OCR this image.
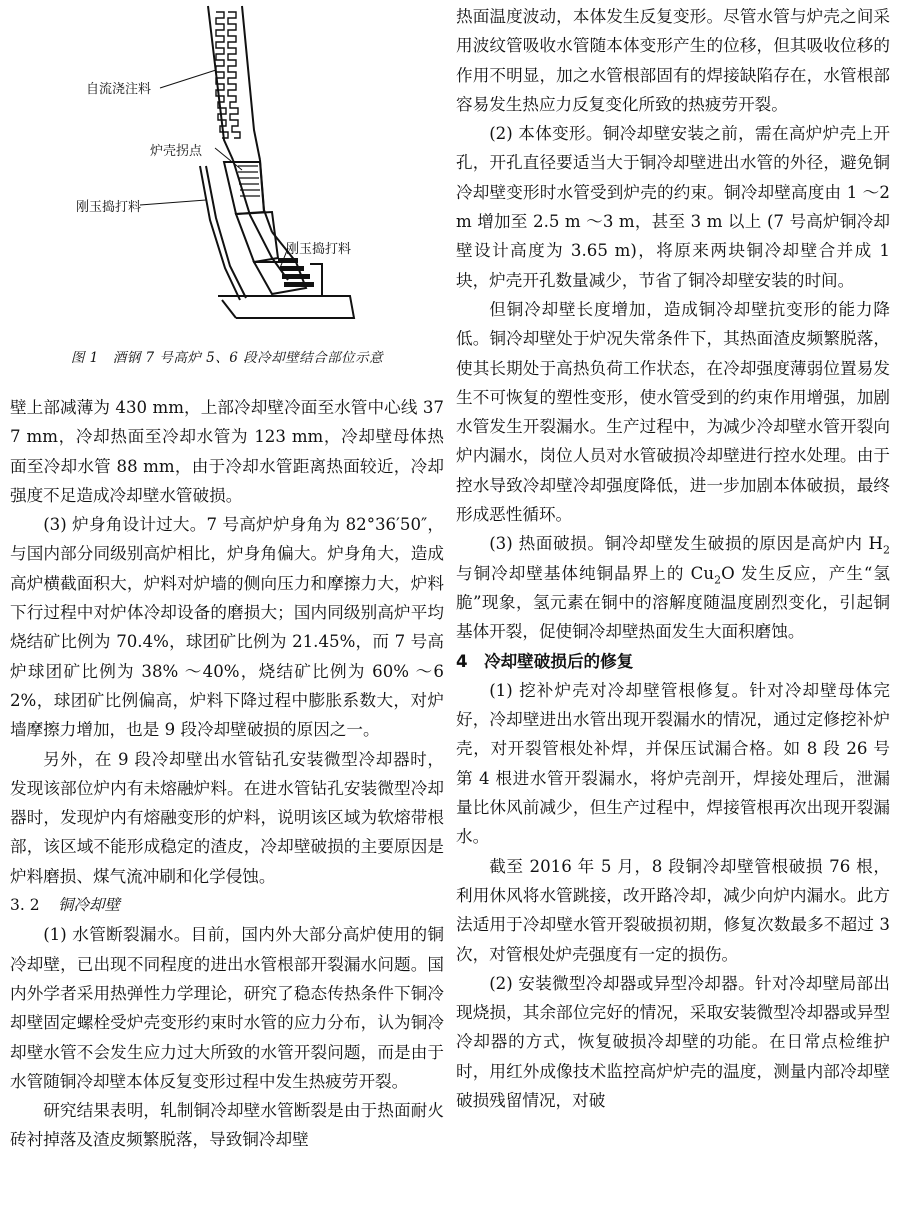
自流浇注料
炉壳拐点
刚玉捣打料
刚玉捣打料
图 1　酒钢 7 号高炉 5、6 段冷却壁结合部位示意

壁上部减薄为 430 mm，上部冷却壁冷面至水管中心线 377 mm，冷却热面至冷却水管为 123 mm，冷却壁母体热面至冷却水管 88 mm，由于冷却水管距离热面较近，冷却强度不足造成冷却壁水管破损。

(3) 炉身角设计过大。7 号高炉炉身角为 82°36′50″，与国内部分同级别高炉相比，炉身角偏大。炉身角大，造成高炉横截面积大，炉料对炉墙的侧向压力和摩擦力大，炉料下行过程中对炉体冷却设备的磨损大；国内同级别高炉平均烧结矿比例为 70.4%，球团矿比例为 21.45%，而 7 号高炉球团矿比例为 38% ～40%，烧结矿比例为 60% ～62%，球团矿比例偏高，炉料下降过程中膨胀系数大，对炉墙摩擦力增加，也是 9 段冷却壁破损的原因之一。

另外，在 9 段冷却壁出水管钻孔安装微型冷却器时，发现该部位炉内有未熔融炉料。在进水管钻孔安装微型冷却器时，发现炉内有熔融变形的炉料，说明该区域为软熔带根部，该区域不能形成稳定的渣皮，冷却壁破损的主要原因是炉料磨损、煤气流冲刷和化学侵蚀。

3. 2 铜冷却壁

(1) 水管断裂漏水。目前，国内外大部分高炉使用的铜冷却壁，已出现不同程度的进出水管根部开裂漏水问题。国内外学者采用热弹性力学理论，研究了稳态传热条件下铜冷却壁固定螺栓受炉壳变形约束时水管的应力分布，认为铜冷却壁水管不会发生应力过大所致的水管开裂问题，而是由于水管随铜冷却壁本体反复变形过程中发生热疲劳开裂。

研究结果表明，轧制铜冷却壁水管断裂是由于热面耐火砖衬掉落及渣皮频繁脱落，导致铜冷却壁

热面温度波动，本体发生反复变形。尽管水管与炉壳之间采用波纹管吸收水管随本体变形产生的位移，但其吸收位移的作用不明显，加之水管根部固有的焊接缺陷存在，水管根部容易发生热应力反复变化所致的热疲劳开裂。

(2) 本体变形。铜冷却壁安装之前，需在高炉炉壳上开孔，开孔直径要适当大于铜冷却壁进出水管的外径，避免铜冷却壁变形时水管受到炉壳的约束。铜冷却壁高度由 1 ～2m 增加至 2.5 m ～3 m，甚至 3 m 以上 (7 号高炉铜冷却壁设计高度为 3.65 m)，将原来两块铜冷却壁合并成 1 块，炉壳开孔数量减少，节省了铜冷却壁安装的时间。

但铜冷却壁长度增加，造成铜冷却壁抗变形的能力降低。铜冷却壁处于炉况失常条件下，其热面渣皮频繁脱落，使其长期处于高热负荷工作状态，在冷却强度薄弱位置易发生不可恢复的塑性变形，使水管受到的约束作用增强，加剧水管发生开裂漏水。生产过程中，为减少冷却壁水管开裂向炉内漏水，岗位人员对水管破损冷却壁进行控水处理。由于控水导致冷却壁冷却强度降低，进一步加剧本体破损，最终形成恶性循环。

(3) 热面破损。铜冷却壁发生破损的原因是高炉内 $H_2$ 与铜冷却壁基体纯铜晶界上的 $Cu_2O$ 发生反应，产生“氢脆”现象，氢元素在铜中的溶解度随温度剧烈变化，引起铜基体开裂，促使铜冷却壁热面发生大面积磨蚀。

4 冷却壁破损后的修复

(1) 挖补炉壳对冷却壁管根修复。针对冷却壁母体完好，冷却壁进出水管出现开裂漏水的情况，通过定修挖补炉壳，对开裂管根处补焊，并保压试漏合格。如 8 段 26 号第 4 根进水管开裂漏水，将炉壳剖开，焊接处理后，泄漏量比休风前减少，但生产过程中，焊接管根再次出现开裂漏水。

截至 2016 年 5 月，8 段铜冷却壁管根破损 76 根，利用休风将水管跳接，改开路冷却，减少向炉内漏水。此方法适用于冷却壁水管开裂破损初期，修复次数最多不超过 3 次，对管根处炉壳强度有一定的损伤。

(2) 安装微型冷却器或异型冷却器。针对冷却壁局部出现烧损，其余部位完好的情况，采取安装微型冷却器或异型冷却器的方式，恢复破损冷却壁的功能。在日常点检维护时，用红外成像技术监控高炉炉壳的温度，测量内部冷却壁破损残留情况，对破
